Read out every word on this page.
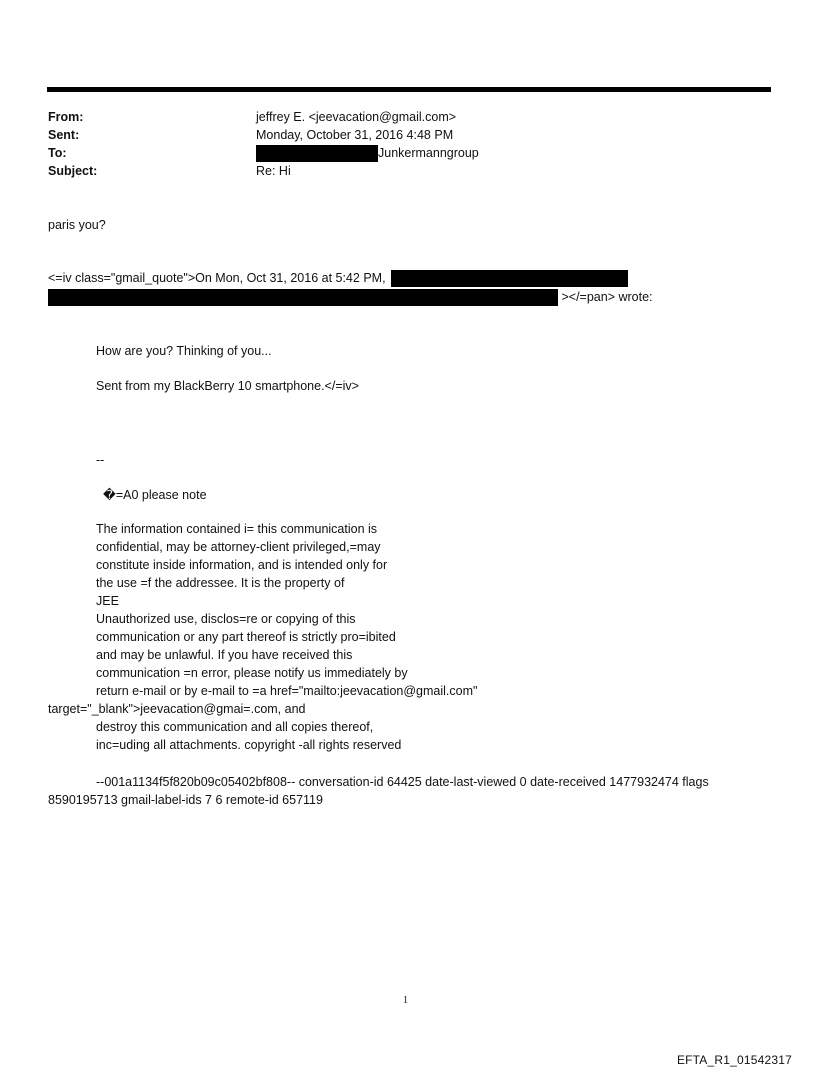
From:	jeffrey E. <jeevacation@gmail.com>
Sent:	Monday, October 31, 2016 4:48 PM
To:	Junkermanngroup
Subject:	Re: Hi
paris you?
<=iv class="gmail_quote">On Mon, Oct 31, 2016 at 5:42 PM,
></=pan> wrote:
How are you? Thinking of you...
Sent from my BlackBerry 10 smartphone.</=iv>
--
�=A0 please note
The information contained i= this communication is
confidential, may be attorney-client privileged,=may
constitute inside information, and is intended only for
the use =f the addressee. It is the property of
JEE
Unauthorized use, disclos=re or copying of this
communication or any part thereof is strictly pro=ibited
and may be unlawful. If you have received this
communication =n error, please notify us immediately by
return e-mail or by e-mail to =a href="mailto:jeevacation@gmail.com"
target="_blank">jeevacation@gmai=.com, and
destroy this communication and all copies thereof,
inc=uding all attachments. copyright -all rights reserved
--001a1134f5f820b09c05402bf808-- conversation-id 64425 date-last-viewed 0 date-received 1477932474 flags
8590195713 gmail-label-ids 7 6 remote-id 657119
1
EFTA_R1_01542317
